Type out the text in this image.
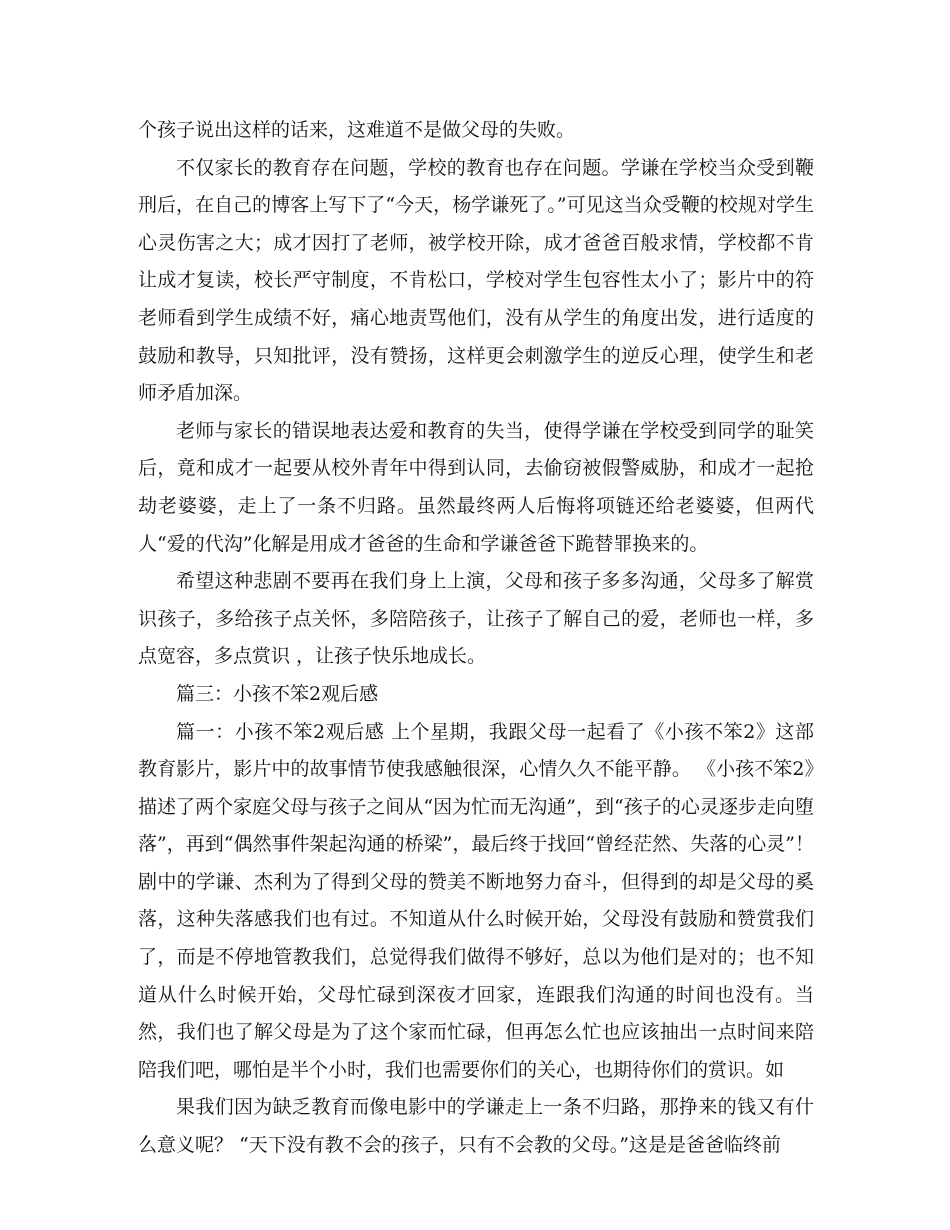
个孩子说出这样的话来，这难道不是做父母的失败。

不仅家长的教育存在问题，学校的教育也存在问题。学谦在学校当众受到鞭刑后，在自己的博客上写下了“今天，杨学谦死了。”可见这当众受鞭的校规对学生心灵伤害之大；成才因打了老师，被学校开除，成才爸爸百般求情，学校都不肯让成才复读，校长严守制度，不肯松口，学校对学生包容性太小了；影片中的符老师看到学生成绩不好，痛心地责骂他们，没有从学生的角度出发，进行适度的鼓励和教导，只知批评，没有赞扬，这样更会刺激学生的逆反心理，使学生和老师矛盾加深。

老师与家长的错误地表达爱和教育的失当，使得学谦在学校受到同学的耻笑后，竟和成才一起要从校外青年中得到认同，去偷窃被假警威胁，和成才一起抢劫老婆婆，走上了一条不归路。虽然最终两人后悔将项链还给老婆婆，但两代人“爱的代沟”化解是用成才爸爸的生命和学谦爸爸下跪替罪换来的。

希望这种悲剧不要再在我们身上上演，父母和孩子多多沟通，父母多了解赏识孩子，多给孩子点关怀，多陪陪孩子，让孩子了解自己的爱，老师也一样，多点宽容，多点赏识 ，让孩子快乐地成长。

篇三：小孩不笨2观后感

篇一：小孩不笨2观后感 上个星期，我跟父母一起看了《小孩不笨2》这部教育影片，影片中的故事情节使我感触很深，心情久久不能平静。 《小孩不笨2》描述了两个家庭父母与孩子之间从“因为忙而无沟通”，到“孩子的心灵逐步走向堕落”，再到“偶然事件架起沟通的桥梁”，最后终于找回“曾经茫然、失落的心灵”！剧中的学谦、杰利为了得到父母的赞美不断地努力奋斗，但得到的却是父母的奚落，这种失落感我们也有过。不知道从什么时候开始，父母没有鼓励和赞赏我们了，而是不停地管教我们，总觉得我们做得不够好，总以为他们是对的；也不知道从什么时候开始，父母忙碌到深夜才回家，连跟我们沟通的时间也没有。当然，我们也了解父母是为了这个家而忙碌，但再怎么忙也应该抽出一点时间来陪陪我们吧，哪怕是半个小时，我们也需要你们的关心，也期待你们的赏识。如

果我们因为缺乏教育而像电影中的学谦走上一条不归路，那挣来的钱又有什么意义呢？ “天下没有教不会的孩子，只有不会教的父母。”这是是爸爸临终前
